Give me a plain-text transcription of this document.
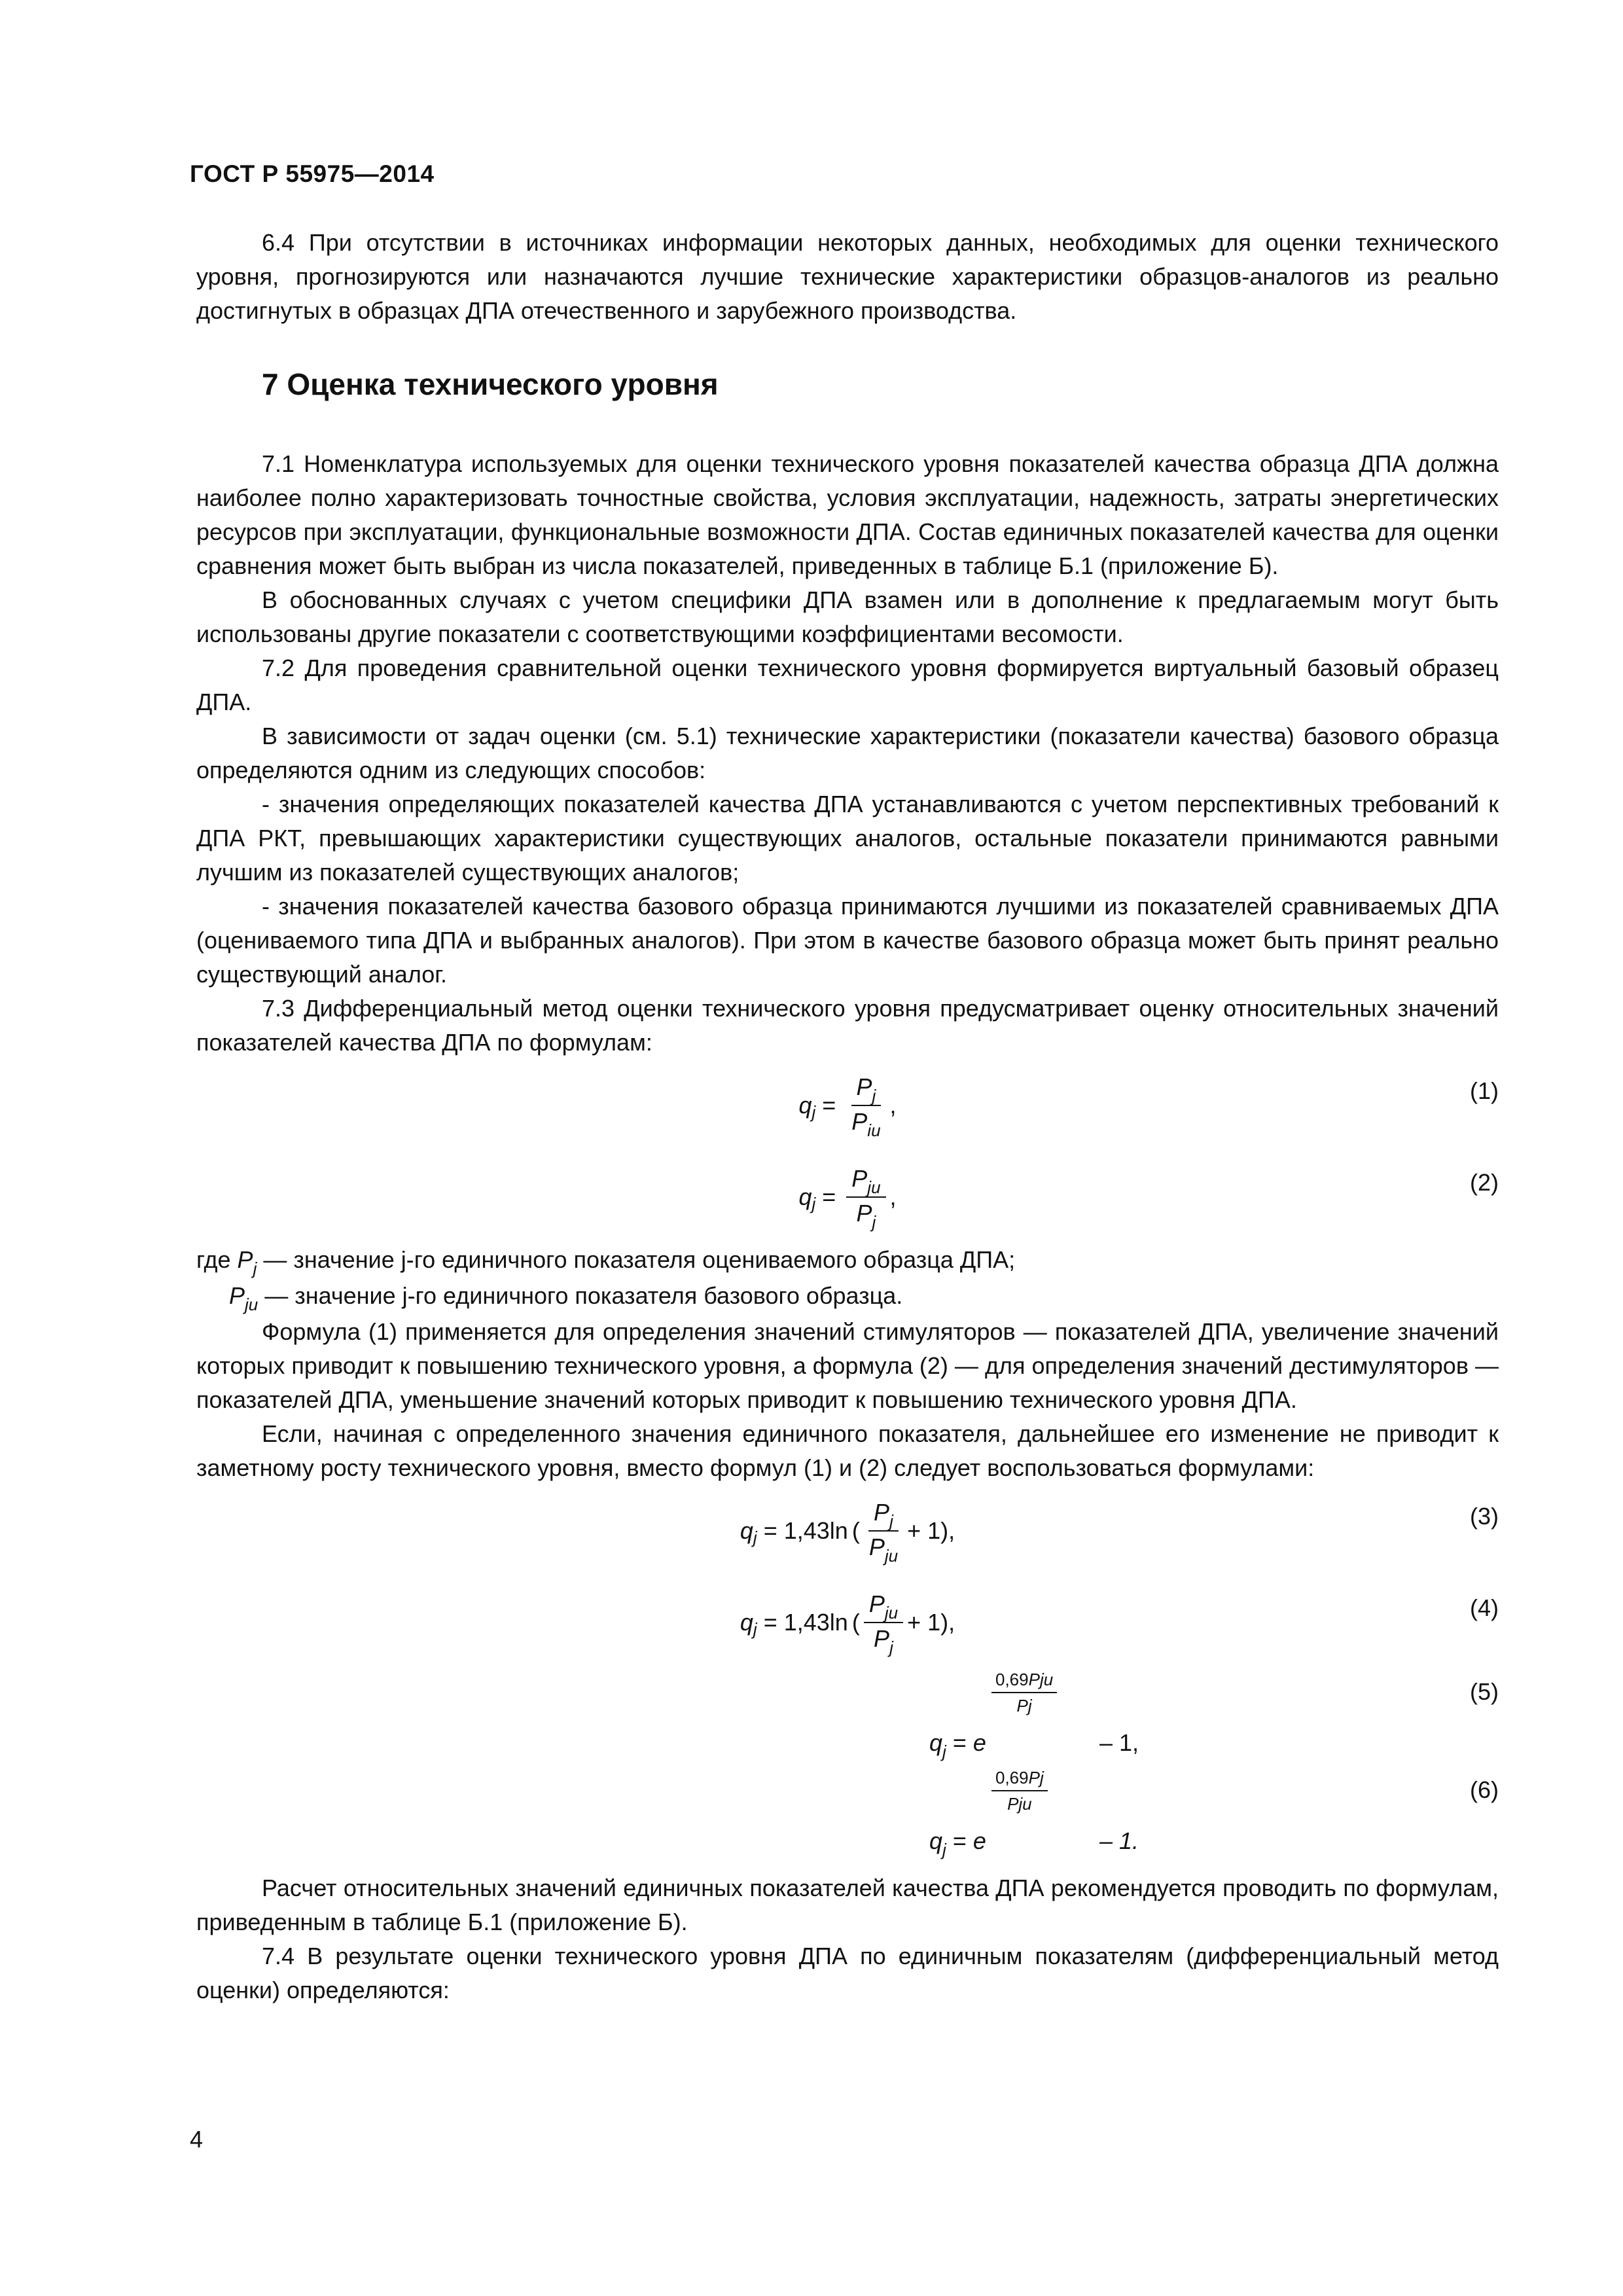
ГОСТ Р 55975—2014

6.4 При отсутствии в источниках информации некоторых данных, необходимых для оценки технического уровня, прогнозируются или назначаются лучшие технические характеристики образцов-аналогов из реально достигнутых в образцах ДПА отечественного и зарубежного производства.

7 Оценка технического уровня

7.1 Номенклатура используемых для оценки технического уровня показателей качества образца ДПА должна наиболее полно характеризовать точностные свойства, условия эксплуатации, надежность, затраты энергетических ресурсов при эксплуатации, функциональные возможности ДПА. Состав единичных показателей качества для оценки сравнения может быть выбран из числа показателей, приведенных в таблице Б.1 (приложение Б).

В обоснованных случаях с учетом специфики ДПА взамен или в дополнение к предлагаемым могут быть использованы другие показатели с соответствующими коэффициентами весомости.

7.2 Для проведения сравнительной оценки технического уровня формируется виртуальный базовый образец ДПА.

В зависимости от задач оценки (см. 5.1) технические характеристики (показатели качества) базового образца определяются одним из следующих способов:

- значения определяющих показателей качества ДПА устанавливаются с учетом перспективных требований к ДПА РКТ, превышающих характеристики существующих аналогов, остальные показатели принимаются равными лучшим из показателей существующих аналогов;

- значения показателей качества базового образца принимаются лучшими из показателей сравниваемых ДПА (оцениваемого типа ДПА и выбранных аналогов). При этом в качестве базового образца может быть принят реально существующий аналог.

7.3 Дифференциальный метод оценки технического уровня предусматривает оценку относительных значений показателей качества ДПА по формулам:

q $j = \frac{P_j}{P_{iu}}$ ,
(1)
q $j = \frac{P_{ju}}{P_j}$ ,
(2)

где $P_j$ — значение j-го единичного показателя оцениваемого образца ДПА;

$P_{ju}$ — значение j-го единичного показателя базового образца.

Формула (1) применяется для определения значений стимуляторов — показателей ДПА, увеличение значений которых приводит к повышению технического уровня, а формула (2) — для определения значений дестимуляторов — показателей ДПА, уменьшение значений которых приводит к повышению технического уровня ДПА.

Если, начиная с определенного значения единичного показателя, дальнейшее его изменение не приводит к заметному росту технического уровня, вместо формул (1) и (2) следует воспользоваться формулами:

q j = 1,43ln ( $\frac{P_j}{P_{ju}} + 1$),
(3)
q j = 1,43ln ( $\frac{P_{ju}}{P_j} + 1$),
(4)
$q_j = e$
0,69Pju
Pj
– 1,
(5)
$q_j = e$
0,69Pj
Pju
– 1.
(6)

Расчет относительных значений единичных показателей качества ДПА рекомендуется проводить по формулам, приведенным в таблице Б.1 (приложение Б).

7.4 В результате оценки технического уровня ДПА по единичным показателям (дифференциальный метод оценки) определяются:

4
